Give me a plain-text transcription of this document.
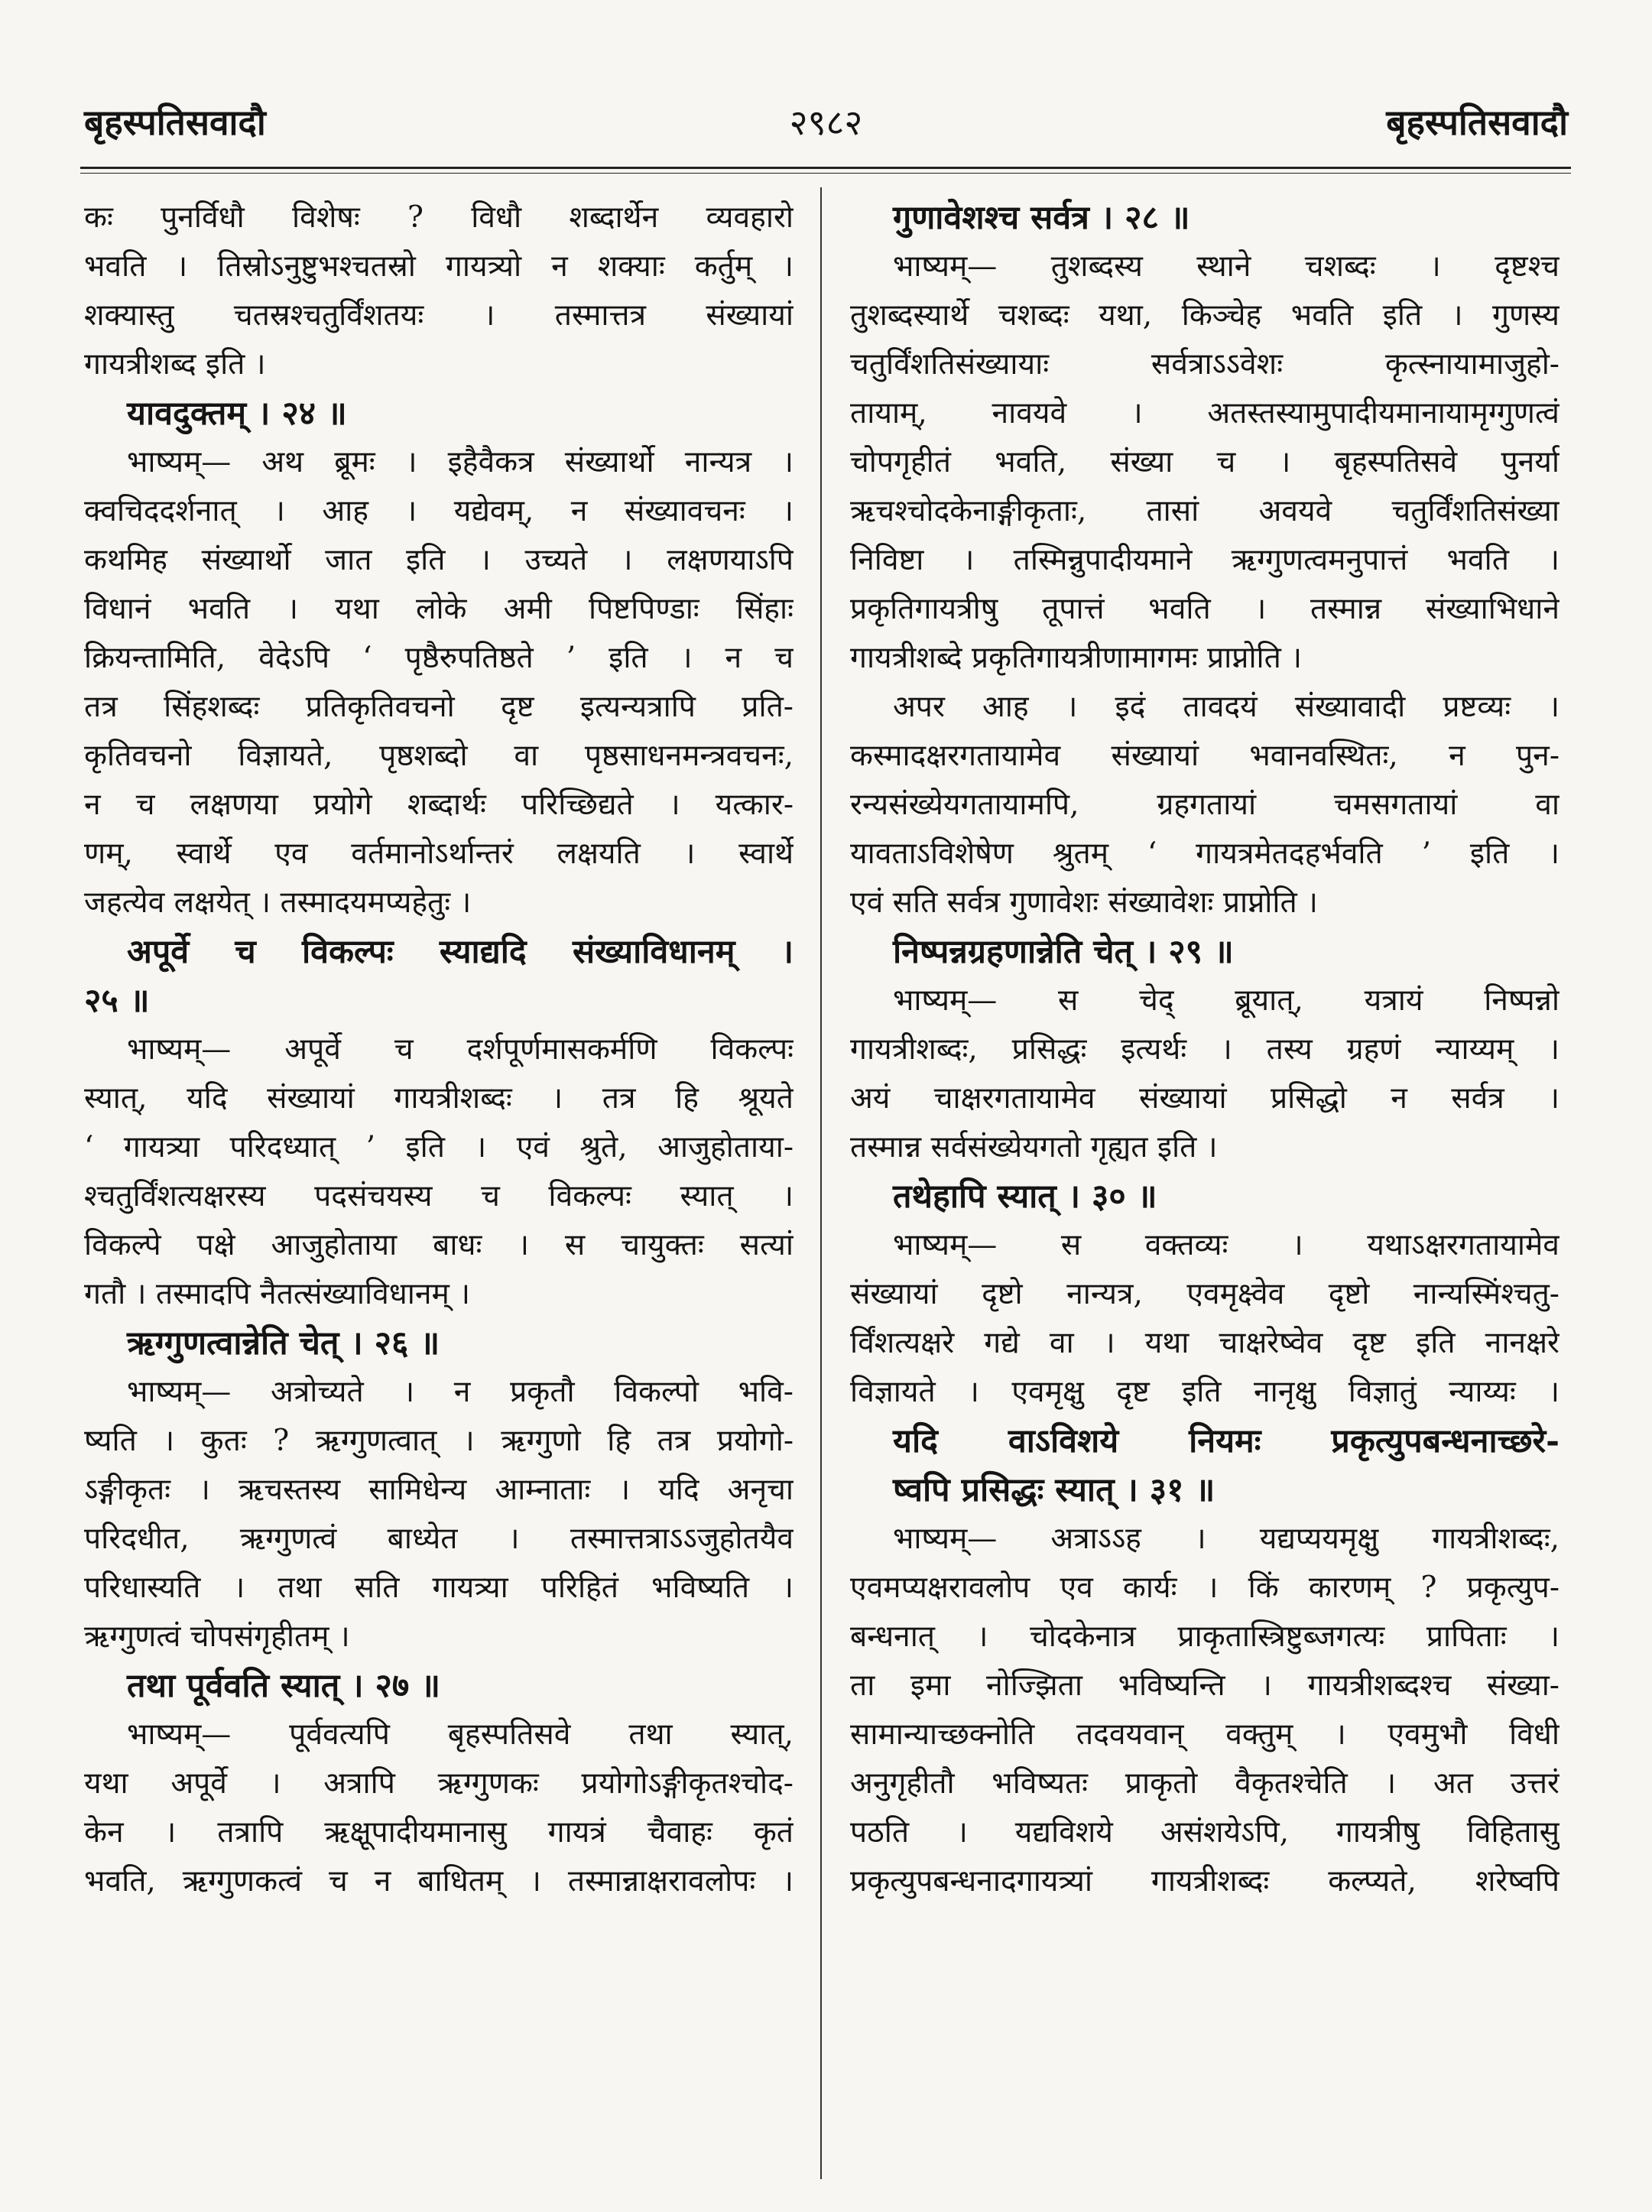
बृहस्पतिसवादौ	२९८२	बृहस्पतिसवादौ
कः पुनर्विधौ विशेषः ? विधौ शब्दार्थेन व्यवहारो
भवति । तिस्रोऽनुष्टुभश्चतस्रो गायत्र्यो न शक्याः कर्तुम् ।
शक्यास्तु चतस्रश्चतुर्विंशतयः । तस्मात्तत्र संख्यायां
गायत्रीशब्द इति ।
यावदुक्तम् । २४ ॥
भाष्यम्— अथ ब्रूमः । इहैवैकत्र संख्यार्थो नान्यत्र ।
क्वचिददर्शनात् । आह । यद्येवम्, न संख्यावचनः ।
कथमिह संख्यार्थो जात इति । उच्यते । लक्षणयाऽपि
विधानं भवति । यथा लोके अमी पिष्टपिण्डाः सिंहाः
क्रियन्तामिति, वेदेऽपि ‘ पृष्ठैरुपतिष्ठते ’ इति । न च
तत्र सिंहशब्दः प्रतिकृतिवचनो दृष्ट इत्यन्यत्रापि प्रति-
कृतिवचनो विज्ञायते, पृष्ठशब्दो वा पृष्ठसाधनमन्त्रवचनः,
न च लक्षणया प्रयोगे शब्दार्थः परिच्छिद्यते । यत्कार-
णम्, स्वार्थे एव वर्तमानोऽर्थान्तरं लक्षयति । स्वार्थे
जहत्येव लक्षयेत् । तस्मादयमप्यहेतुः ।
अपूर्वे च विकल्पः स्याद्यदि संख्याविधानम् ।
२५ ॥
भाष्यम्— अपूर्वे च दर्शपूर्णमासकर्मणि विकल्पः
स्यात्, यदि संख्यायां गायत्रीशब्दः । तत्र हि श्रूयते
‘ गायत्र्या परिदध्यात् ’ इति । एवं श्रुते, आजुहोताया-
श्चतुर्विंशत्यक्षरस्य पदसंचयस्य च विकल्पः स्यात् ।
विकल्पे पक्षे आजुहोताया बाधः । स चायुक्तः सत्यां
गतौ । तस्मादपि नैतत्संख्याविधानम् ।
ऋग्गुणत्वान्नेति चेत् । २६ ॥
भाष्यम्— अत्रोच्यते । न प्रकृतौ विकल्पो भवि-
ष्यति । कुतः ? ऋग्गुणत्वात् । ऋग्गुणो हि तत्र प्रयोगो-
ऽङ्गीकृतः । ऋचस्तस्य सामिधेन्य आम्नाताः । यदि अनृचा
परिदधीत, ऋग्गुणत्वं बाध्येत । तस्मात्तत्राऽऽजुहोतयैव
परिधास्यति । तथा सति गायत्र्या परिहितं भविष्यति ।
ऋग्गुणत्वं चोपसंगृहीतम् ।
तथा पूर्ववति स्यात् । २७ ॥
भाष्यम्— पूर्ववत्यपि बृहस्पतिसवे तथा स्यात्,
यथा अपूर्वे । अत्रापि ऋग्गुणकः प्रयोगोऽङ्गीकृतश्चोद-
केन । तत्रापि ऋक्षूपादीयमानासु गायत्रं चैवाहः कृतं
भवति, ऋग्गुणकत्वं च न बाधितम् । तस्मान्नाक्षरावलोपः ।
गुणावेशश्च सर्वत्र । २८ ॥
भाष्यम्— तुशब्दस्य स्थाने चशब्दः । दृष्टश्च
तुशब्दस्यार्थे चशब्दः यथा, किञ्चेह भवति इति । गुणस्य
चतुर्विंशतिसंख्यायाः सर्वत्राऽऽवेशः कृत्स्नायामाजुहो-
तायाम्, नावयवे । अतस्तस्यामुपादीयमानायामृग्गुणत्वं
चोपगृहीतं भवति, संख्या च । बृहस्पतिसवे पुनर्या
ऋचश्चोदकेनाङ्गीकृताः, तासां अवयवे चतुर्विंशतिसंख्या
निविष्टा । तस्मिन्नुपादीयमाने ऋग्गुणत्वमनुपात्तं भवति ।
प्रकृतिगायत्रीषु तूपात्तं भवति । तस्मान्न संख्याभिधाने
गायत्रीशब्दे प्रकृतिगायत्रीणामागमः प्राप्नोति ।
अपर आह । इदं तावदयं संख्यावादी प्रष्टव्यः ।
कस्मादक्षरगतायामेव संख्यायां भवानवस्थितः, न पुन-
रन्यसंख्येयगतायामपि, ग्रहगतायां चमसगतायां वा
यावताऽविशेषेण श्रुतम् ‘ गायत्रमेतदहर्भवति ’ इति ।
एवं सति सर्वत्र गुणावेशः संख्यावेशः प्राप्नोति ।
निष्पन्नग्रहणान्नेति चेत् । २९ ॥
भाष्यम्— स चेद् ब्रूयात्, यत्रायं निष्पन्नो
गायत्रीशब्दः, प्रसिद्धः इत्यर्थः । तस्य ग्रहणं न्याय्यम् ।
अयं चाक्षरगतायामेव संख्यायां प्रसिद्धो न सर्वत्र ।
तस्मान्न सर्वसंख्येयगतो गृह्यत इति ।
तथेहापि स्यात् । ३० ॥
भाष्यम्— स वक्तव्यः । यथाऽक्षरगतायामेव
संख्यायां दृष्टो नान्यत्र, एवमृक्ष्वेव दृष्टो नान्यस्मिंश्चतु-
र्विंशत्यक्षरे गद्ये वा । यथा चाक्षरेष्वेव दृष्ट इति नानक्षरे
विज्ञायते । एवमृक्षु दृष्ट इति नानृक्षु विज्ञातुं न्याय्यः ।
यदि वाऽविशये नियमः प्रकृत्युपबन्धनाच्छरे-
ष्वपि प्रसिद्धः स्यात् । ३१ ॥
भाष्यम्— अत्राऽऽह । यद्यप्ययमृक्षु गायत्रीशब्दः,
एवमप्यक्षरावलोप एव कार्यः । किं कारणम् ? प्रकृत्युप-
बन्धनात् । चोदकेनात्र प्राकृतास्त्रिष्टुब्जगत्यः प्रापिताः ।
ता इमा नोज्झिता भविष्यन्ति । गायत्रीशब्दश्च संख्या-
सामान्याच्छक्नोति तदवयवान् वक्तुम् । एवमुभौ विधी
अनुगृहीतौ भविष्यतः प्राकृतो वैकृतश्चेति । अत उत्तरं
पठति । यद्यविशये असंशयेऽपि, गायत्रीषु विहितासु
प्रकृत्युपबन्धनादगायत्र्यां गायत्रीशब्दः कल्प्यते, शरेष्वपि
